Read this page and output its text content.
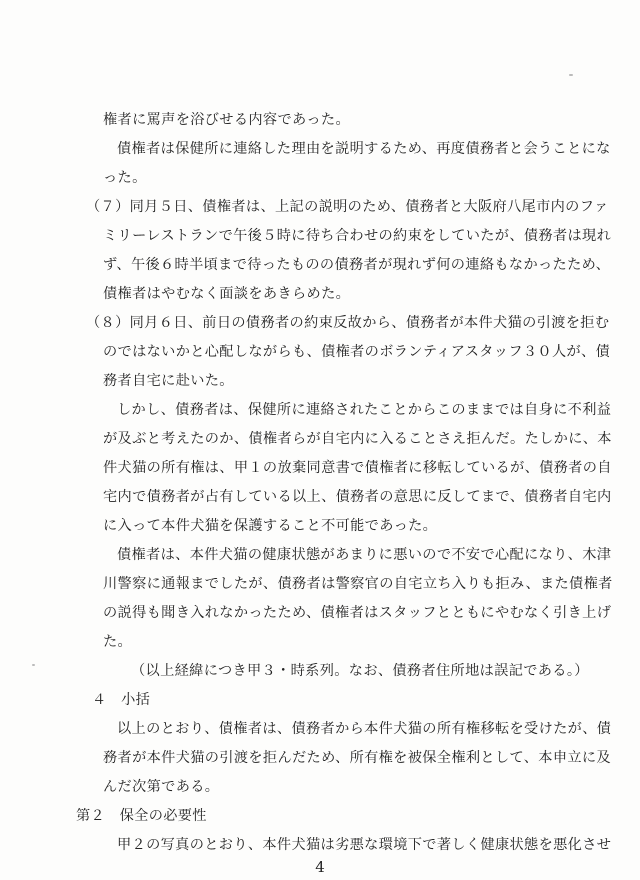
権者に罵声を浴びせる内容であった。
債権者は保健所に連絡した理由を説明するため、再度債務者と会うことにな
った。
（７）同月５日、債権者は、上記の説明のため、債務者と大阪府八尾市内のファ
ミリーレストランで午後５時に待ち合わせの約束をしていたが、債務者は現れ
ず、午後６時半頃まで待ったものの債務者が現れず何の連絡もなかったため、
債権者はやむなく面談をあきらめた。
（８）同月６日、前日の債務者の約束反故から、債務者が本件犬猫の引渡を拒む
のではないかと心配しながらも、債権者のボランティアスタッフ３０人が、債
務者自宅に赴いた。
しかし、債務者は、保健所に連絡されたことからこのままでは自身に不利益
が及ぶと考えたのか、債権者らが自宅内に入ることさえ拒んだ。たしかに、本
件犬猫の所有権は、甲１の放棄同意書で債権者に移転しているが、債務者の自
宅内で債務者が占有している以上、債務者の意思に反してまで、債務者自宅内
に入って本件犬猫を保護すること不可能であった。
債権者は、本件犬猫の健康状態があまりに悪いので不安で心配になり、木津
川警察に通報までしたが、債務者は警察官の自宅立ち入りも拒み、また債権者
の説得も聞き入れなかったため、債権者はスタッフとともにやむなく引き上げ
た。
（以上経緯につき甲３・時系列。なお、債務者住所地は誤記である。）
４　小括
以上のとおり、債権者は、債務者から本件犬猫の所有権移転を受けたが、債
務者が本件犬猫の引渡を拒んだため、所有権を被保全権利として、本申立に及
んだ次第である。
第２　保全の必要性
甲２の写真のとおり、本件犬猫は劣悪な環境下で著しく健康状態を悪化させ
4
